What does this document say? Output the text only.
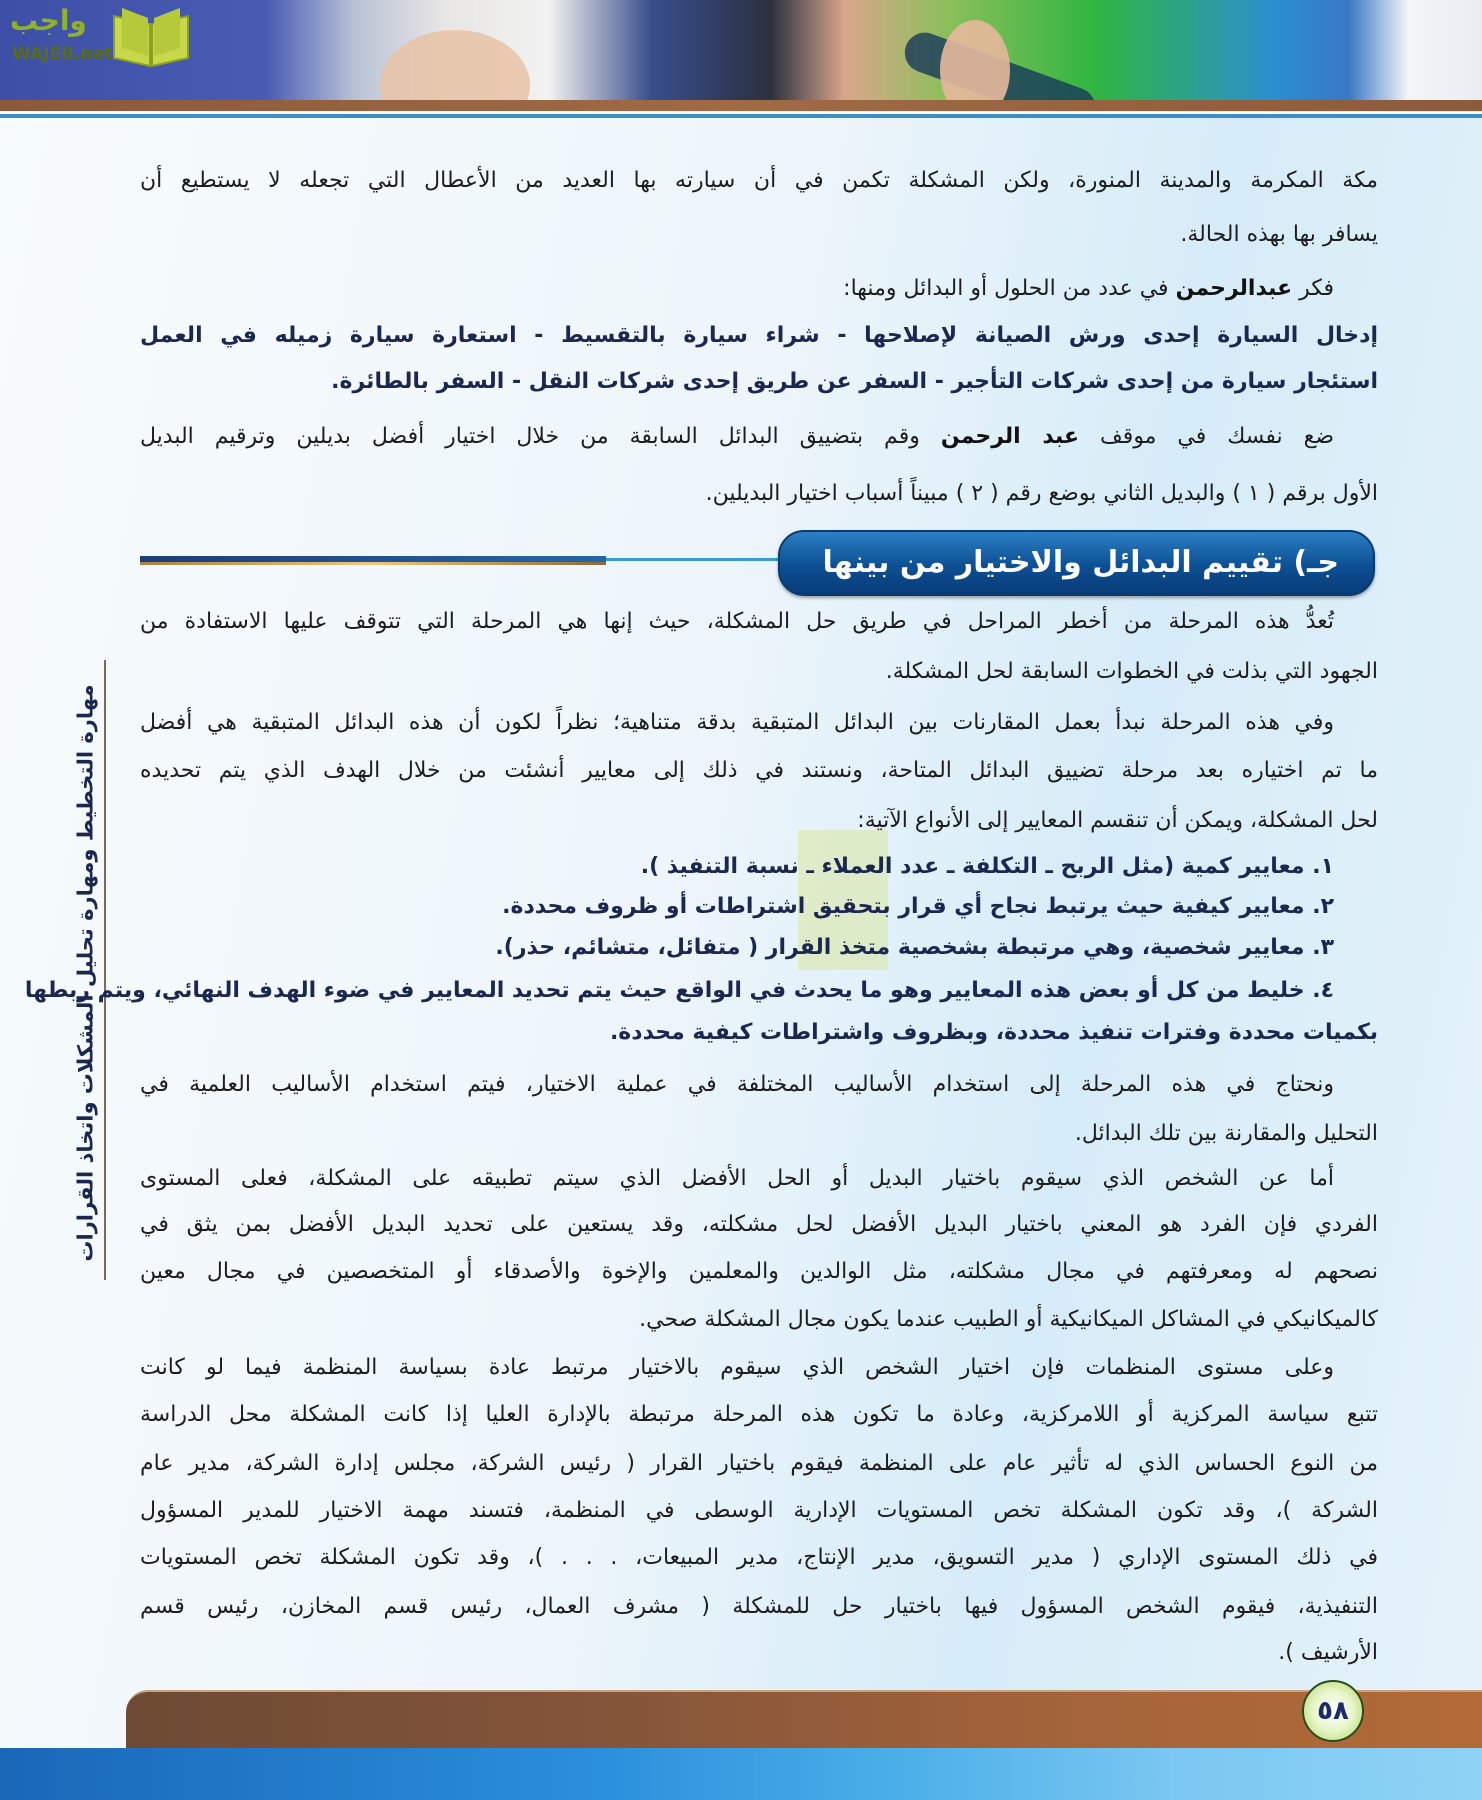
واجب
WAJEB.net
مهارة التخطيط ومهارة تحليل المشكلات واتخاذ القرارات
مكة المكرمة والمدينة المنورة، ولكن المشكلة تكمن في أن سيارته بها العديد من الأعطال التي تجعله لا يستطيع أن
يسافر بها بهذه الحالة.
فكر عبدالرحمن في عدد من الحلول أو البدائل ومنها:
إدخال السيارة إحدى ورش الصيانة لإصلاحها - شراء سيارة بالتقسيط - استعارة سيارة زميله في العمل
استئجار سيارة من إحدى شركات التأجير - السفر عن طريق إحدى شركات النقل - السفر بالطائرة.
ضع نفسك في موقف عبد الرحمن وقم بتضييق البدائل السابقة من خلال اختيار أفضل بديلين وترقيم البديل
الأول برقم ( ١ ) والبديل الثاني بوضع رقم ( ٢ ) مبيناً أسباب اختيار البديلين.
جـ) تقييم البدائل والاختيار من بينها
تُعدُّ هذه المرحلة من أخطر المراحل في طريق حل المشكلة، حيث إنها هي المرحلة التي تتوقف عليها الاستفادة من
الجهود التي بذلت في الخطوات السابقة لحل المشكلة.
وفي هذه المرحلة نبدأ بعمل المقارنات بين البدائل المتبقية بدقة متناهية؛ نظراً لكون أن هذه البدائل المتبقية هي أفضل
ما تم اختياره بعد مرحلة تضييق البدائل المتاحة، ونستند في ذلك إلى معايير أنشئت من خلال الهدف الذي يتم تحديده
لحل المشكلة، ويمكن أن تنقسم المعايير إلى الأنواع الآتية:
١. معايير كمية (مثل الربح ـ التكلفة ـ عدد العملاء ـ نسبة التنفيذ ).
٢. معايير كيفية حيث يرتبط نجاح أي قرار بتحقيق اشتراطات أو ظروف محددة.
٣. معايير شخصية، وهي مرتبطة بشخصية متخذ القرار ( متفائل، متشائم، حذر).
٤. خليط من كل أو بعض هذه المعايير وهو ما يحدث في الواقع حيث يتم تحديد المعايير في ضوء الهدف النهائي، ويتم ربطها
بكميات محددة وفترات تنفيذ محددة، وبظروف واشتراطات كيفية محددة.
ونحتاج في هذه المرحلة إلى استخدام الأساليب المختلفة في عملية الاختيار، فيتم استخدام الأساليب العلمية في
التحليل والمقارنة بين تلك البدائل.
أما عن الشخص الذي سيقوم باختيار البديل أو الحل الأفضل الذي سيتم تطبيقه على المشكلة، فعلى المستوى
الفردي فإن الفرد هو المعني باختيار البديل الأفضل لحل مشكلته، وقد يستعين على تحديد البديل الأفضل بمن يثق في
نصحهم له ومعرفتهم في مجال مشكلته، مثل الوالدين والمعلمين والإخوة والأصدقاء أو المتخصصين في مجال معين
كالميكانيكي في المشاكل الميكانيكية أو الطبيب عندما يكون مجال المشكلة صحي.
وعلى مستوى المنظمات فإن اختيار الشخص الذي سيقوم بالاختيار مرتبط عادة بسياسة المنظمة فيما لو كانت
تتبع سياسة المركزية أو اللامركزية، وعادة ما تكون هذه المرحلة مرتبطة بالإدارة العليا إذا كانت المشكلة محل الدراسة
من النوع الحساس الذي له تأثير عام على المنظمة فيقوم باختيار القرار ( رئيس الشركة، مجلس إدارة الشركة، مدير عام
الشركة )، وقد تكون المشكلة تخص المستويات الإدارية الوسطى في المنظمة، فتسند مهمة الاختيار للمدير المسؤول
في ذلك المستوى الإداري ( مدير التسويق، مدير الإنتاج، مدير المبيعات، . . . )، وقد تكون المشكلة تخص المستويات
التنفيذية، فيقوم الشخص المسؤول فيها باختيار حل للمشكلة ( مشرف العمال، رئيس قسم المخازن، رئيس قسم
الأرشيف ).
٥٨
